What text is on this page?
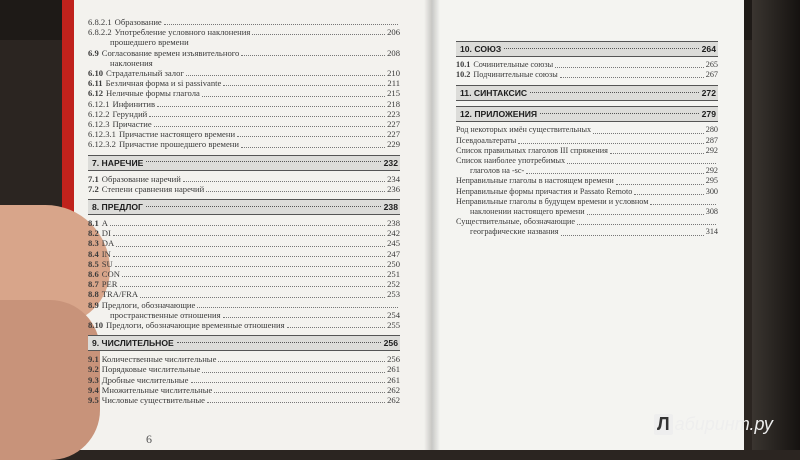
6.8.2.1 Образование
6.8.2.2 Употребление условного наклонения	206
прошедшего времени
6.9 Согласование времен изъявительного	208
наклонения
6.10 Страдательный залог	210
6.11 Безличная форма и si passivante	211
6.12 Неличные формы глагола	215
6.12.1 Инфинитив	218
6.12.2 Герундий	223
6.12.3 Причастие	227
6.12.3.1 Причастие настоящего времени	227
6.12.3.2 Причастие прошедшего времени	229
7. НАРЕЧИЕ	232
7.1 Образование наречий	234
7.2 Степени сравнения наречий	236
8. ПРЕДЛОГ	238
8.1 A	238
8.2 DI	242
8.3 DA	245
8.4 IN	247
8.5 SU	250
8.6 CON	251
8.7 PER	252
8.8 TRA/FRA	253
8.9 Предлоги, обозначающие
пространственные отношения	254
8.10 Предлоги, обозначающие временные отношения	255
9. ЧИСЛИТЕЛЬНОЕ	256
9.1 Количественные числительные	256
9.2 Порядковые числительные	261
9.3 Дробные числительные	261
9.4 Множительные числительные	262
9.5 Числовые существительные	262
10. СОЮЗ	264
10.1 Сочинительные союзы	265
10.2 Подчинительные союзы	267
11. СИНТАКСИС	272
12. ПРИЛОЖЕНИЯ	279
Род некоторых имён существительных	280
Псевдоальтераты	287
Список правильных глаголов III спряжения	292
Список наиболее употребимых
глаголов на -sc-	292
Неправильные глаголы в настоящем времени	295
Неправильные формы причастия и Passato Remoto	300
Неправильные глаголы в будущем времени и условном
наклонении настоящего времени	308
Существительные, обозначающие
географические названия	314
6
Л абиринт.ру
